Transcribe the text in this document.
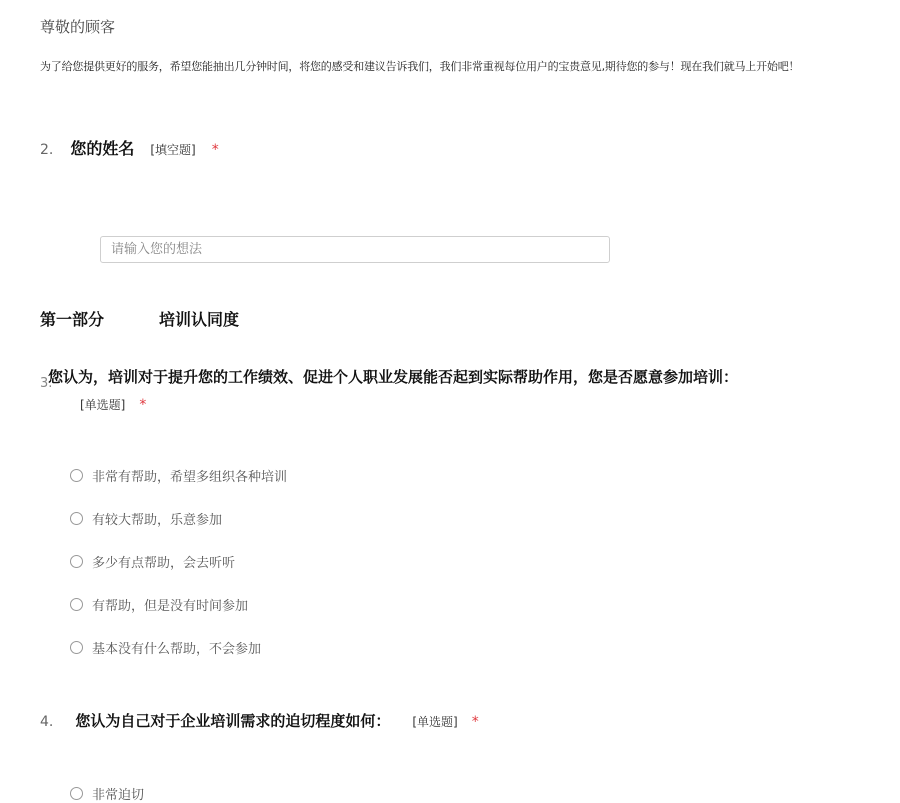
尊敬的顾客
为了给您提供更好的服务，希望您能抽出几分钟时间，将您的感受和建议告诉我们，我们非常重视每位用户的宝贵意见,期待您的参与！现在我们就马上开始吧！
2. 您的姓名 [填空题] *
请输入您的想法
第一部分	培训认同度
3.
您认为，培训对于提升您的工作绩效、促进个人职业发展能否起到实际帮助作用，您是否愿意参加培训：
[单选题] *
非常有帮助，希望多组织各种培训
有较大帮助，乐意参加
多少有点帮助，会去听听
有帮助，但是没有时间参加
基本没有什么帮助，不会参加
4. 您认为自己对于企业培训需求的迫切程度如何： [单选题] *
非常迫切
